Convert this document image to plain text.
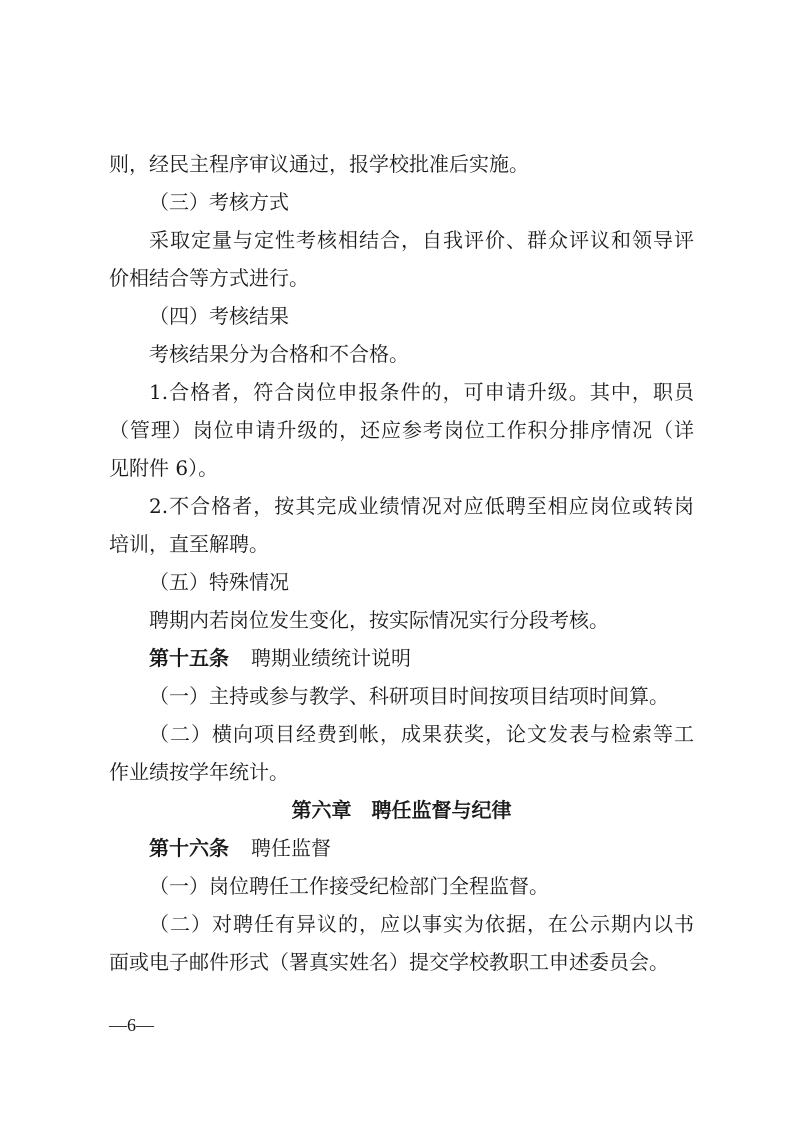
则，经民主程序审议通过，报学校批准后实施。
（三）考核方式
采取定量与定性考核相结合，自我评价、群众评议和领导评
价相结合等方式进行。
（四）考核结果
考核结果分为合格和不合格。
1.合格者，符合岗位申报条件的，可申请升级。其中，职员
（管理）岗位申请升级的，还应参考岗位工作积分排序情况（详
见附件 6）。
2.不合格者，按其完成业绩情况对应低聘至相应岗位或转岗
培训，直至解聘。
（五）特殊情况
聘期内若岗位发生变化，按实际情况实行分段考核。
第十五条 聘期业绩统计说明
（一）主持或参与教学、科研项目时间按项目结项时间算。
（二）横向项目经费到帐，成果获奖，论文发表与检索等工
作业绩按学年统计。
第六章　聘任监督与纪律
第十六条 聘任监督
（一）岗位聘任工作接受纪检部门全程监督。
（二）对聘任有异议的，应以事实为依据，在公示期内以书
面或电子邮件形式（署真实姓名）提交学校教职工申述委员会。
—6—
